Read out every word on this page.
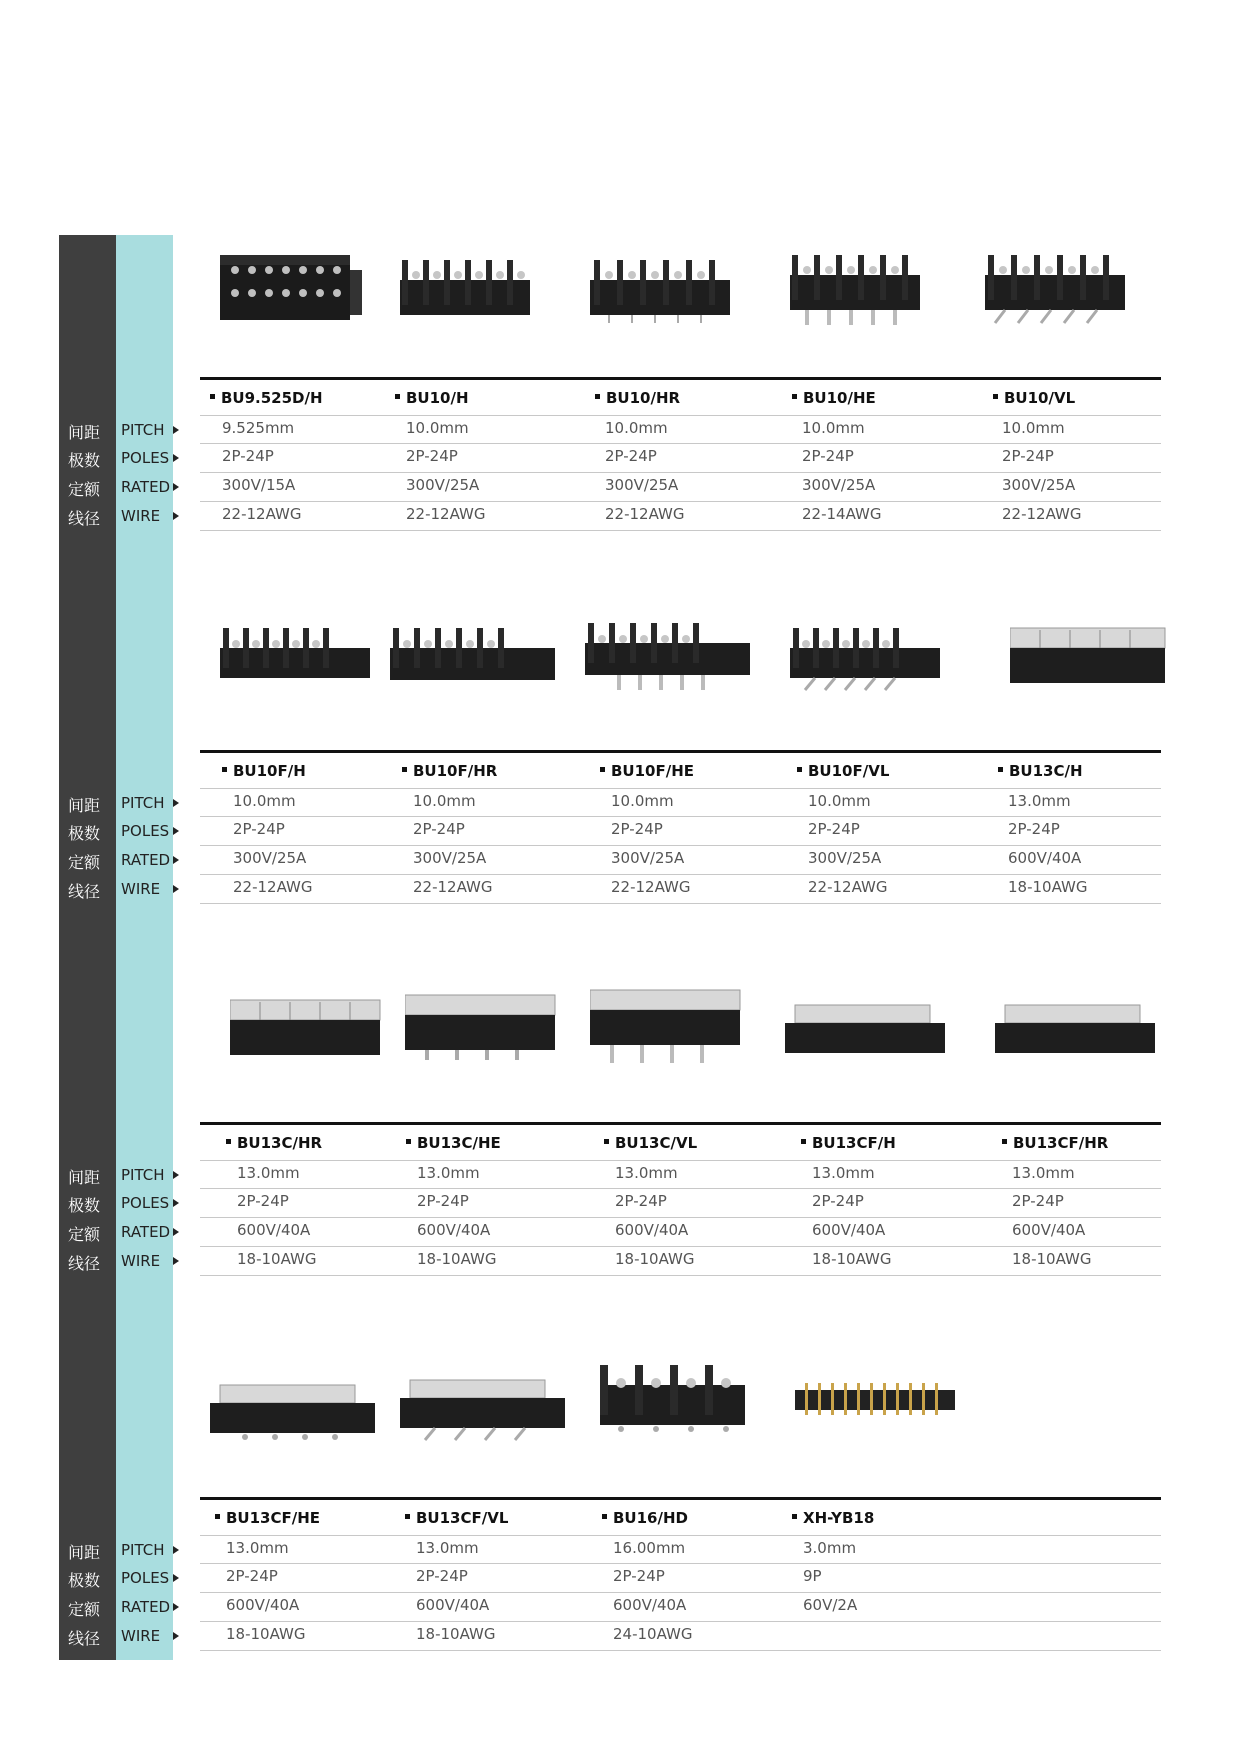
BU9.525D/H	BU10/H	BU10/HR	BU10/HE	BU10/VL
间距	PITCH	9.525mm	10.0mm	10.0mm	10.0mm	10.0mm
极数	POLES	2P-24P	2P-24P	2P-24P	2P-24P	2P-24P
定额	RATED	300V/15A	300V/25A	300V/25A	300V/25A	300V/25A
线径	WIRE	22-12AWG	22-12AWG	22-12AWG	22-14AWG	22-12AWG
BU10F/H	BU10F/HR	BU10F/HE	BU10F/VL	BU13C/H
间距	PITCH	10.0mm	10.0mm	10.0mm	10.0mm	13.0mm
极数	POLES	2P-24P	2P-24P	2P-24P	2P-24P	2P-24P
定额	RATED	300V/25A	300V/25A	300V/25A	300V/25A	600V/40A
线径	WIRE	22-12AWG	22-12AWG	22-12AWG	22-12AWG	18-10AWG
BU13C/HR	BU13C/HE	BU13C/VL	BU13CF/H	BU13CF/HR
间距	PITCH	13.0mm	13.0mm	13.0mm	13.0mm	13.0mm
极数	POLES	2P-24P	2P-24P	2P-24P	2P-24P	2P-24P
定额	RATED	600V/40A	600V/40A	600V/40A	600V/40A	600V/40A
线径	WIRE	18-10AWG	18-10AWG	18-10AWG	18-10AWG	18-10AWG
BU13CF/HE	BU13CF/VL	BU16/HD	XH-YB18
间距	PITCH	13.0mm	13.0mm	16.00mm	3.0mm
极数	POLES	2P-24P	2P-24P	2P-24P	9P
定额	RATED	600V/40A	600V/40A	600V/40A	60V/2A
线径	WIRE	18-10AWG	18-10AWG	24-10AWG
